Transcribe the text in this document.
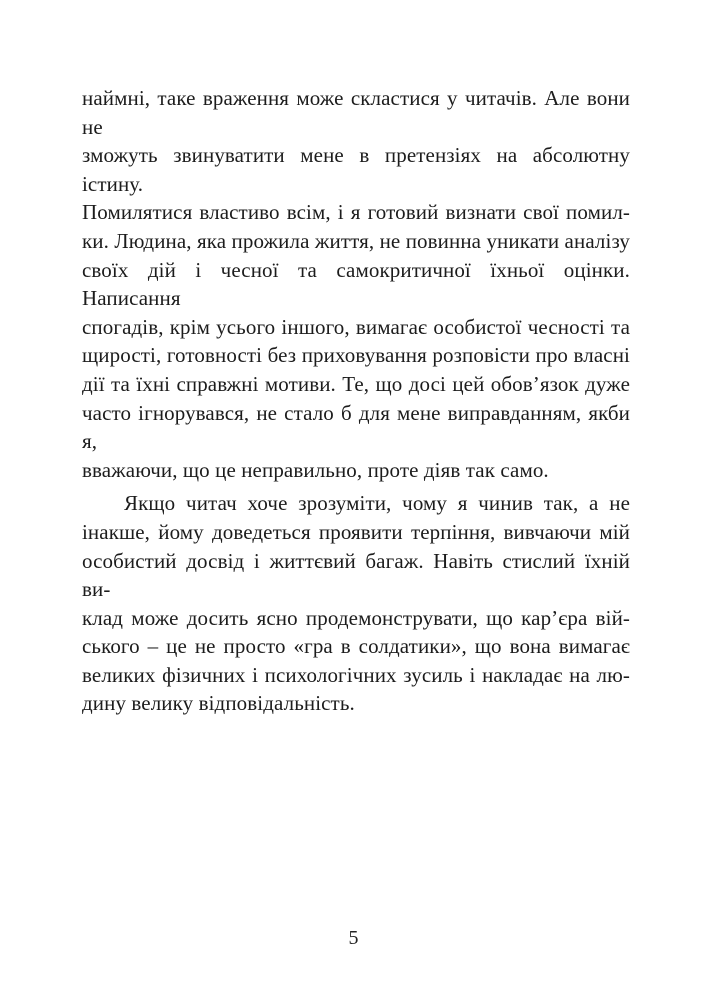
наймні, таке враження може скластися у читачів. Але вони не
зможуть звинуватити мене в претензіях на абсолютну істину.
Помилятися властиво всім, і я готовий визнати свої помил-
ки. Людина, яка прожила життя, не повинна уникати аналізу
своїх дій і чесної та самокритичної їхньої оцінки. Написання
спогадів, крім усього іншого, вимагає особистої чесності та
щирості, готовності без приховування розповісти про власні
дії та їхні справжні мотиви. Те, що досі цей обов’язок дуже
часто ігнорувався, не стало б для мене виправданням, якби я,
вважаючи, що це неправильно, проте діяв так само.
Якщо читач хоче зрозуміти, чому я чинив так, а не
інакше, йому доведеться проявити терпіння, вивчаючи мій
особистий досвід і життєвий багаж. Навіть стислий їхній ви-
клад може досить ясно продемонструвати, що кар’єра вій-
ського – це не просто «гра в солдатики», що вона вимагає
великих фізичних і психологічних зусиль і накладає на лю-
дину велику відповідальність.
5
